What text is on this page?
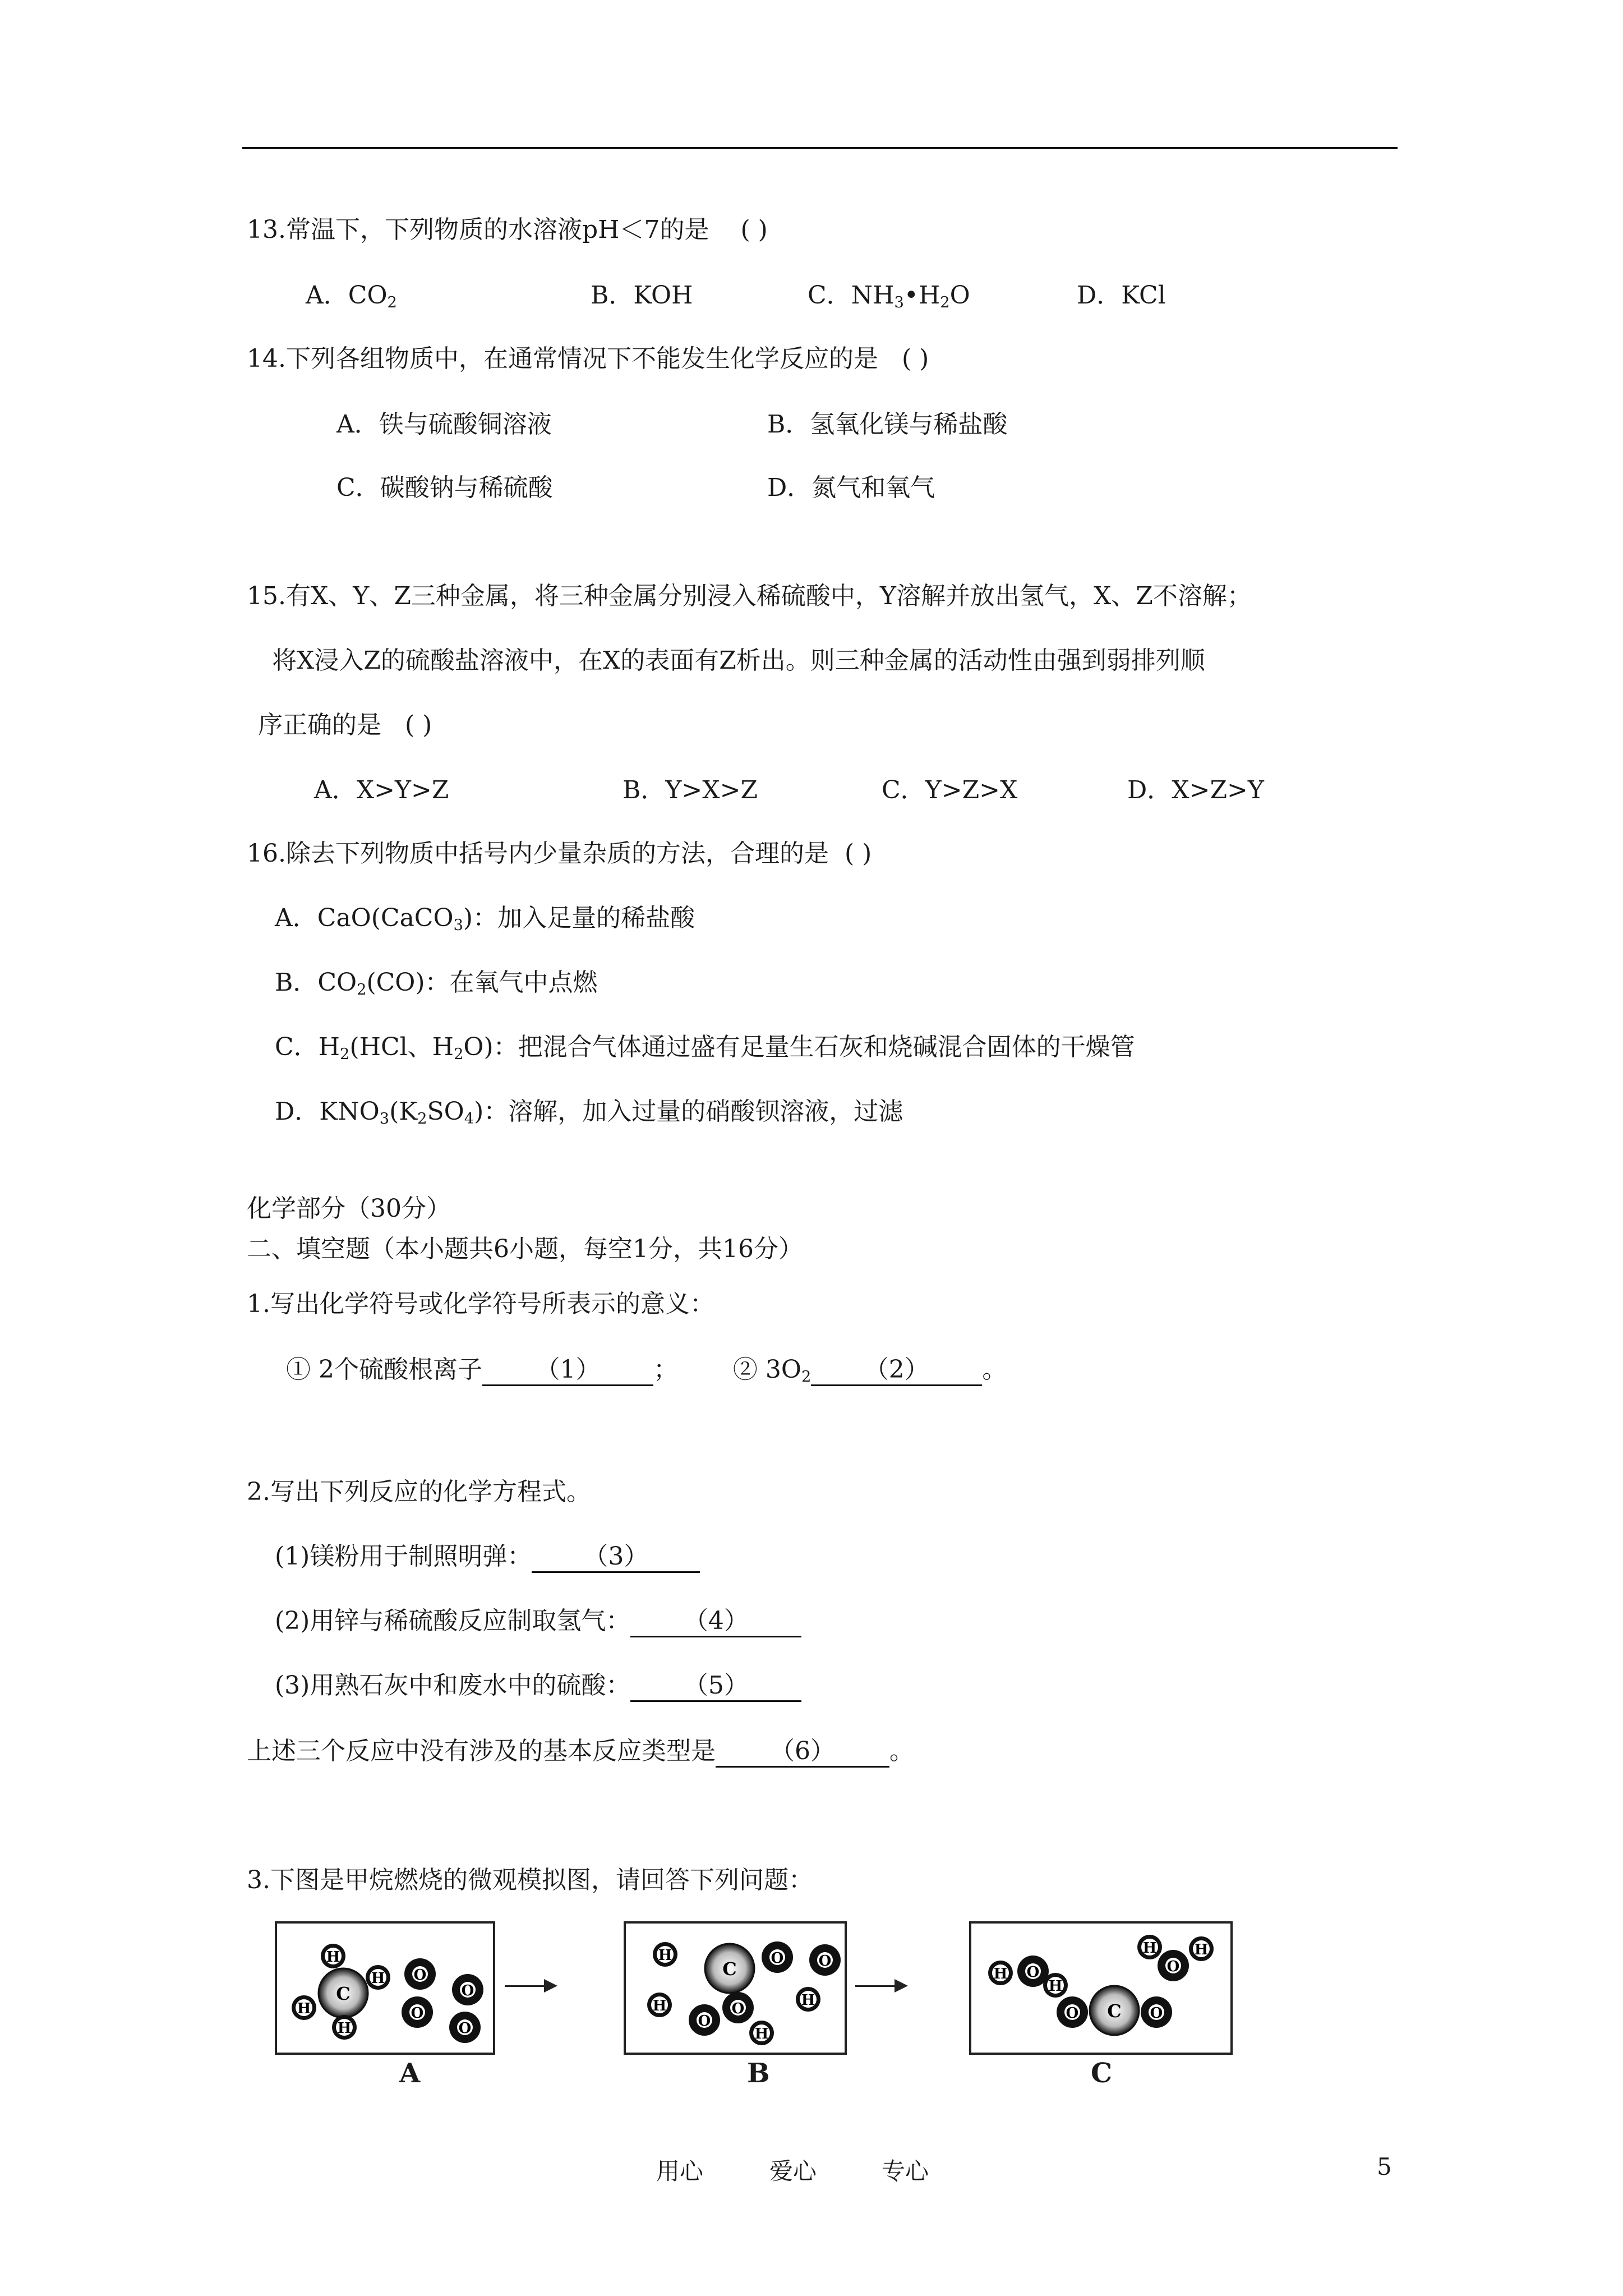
13.常温下，下列物质的水溶液pH＜7的是 ( )
A．$CO_2$	B．KOH	C．$NH_3•H_2O$	D．KCl
14.下列各组物质中，在通常情况下不能发生化学反应的是 ( )
A．铁与硫酸铜溶液	B．氢氧化镁与稀盐酸
C．碳酸钠与稀硫酸	D．氮气和氧气
15.有X、Y、Z三种金属，将三种金属分别浸入稀硫酸中，Y溶解并放出氢气，X、Z不溶解；
将X浸入Z的硫酸盐溶液中，在X的表面有Z析出。则三种金属的活动性由强到弱排列顺
序正确的是 ( )
A．X>Y>Z	B．Y>X>Z	C．Y>Z>X	D．X>Z>Y
16.除去下列物质中括号内少量杂质的方法，合理的是 ( )
A．CaO(CaCO$_3$)：加入足量的稀盐酸
B．$CO_2(CO)$：在氧气中点燃
C．$H_2(HCl$、$H_2O$)：把混合气体通过盛有足量生石灰和烧碱混合固体的干燥管
D．$KNO_3(K_2SO_4)$：溶解，加入过量的硝酸钡溶液，过滤
化学部分（30分）
二、填空题（本小题共6小题，每空1分，共16分）
1.写出化学符号或化学符号所表示的意义：
① 2个硫酸根离子 （1） ； ② $3O_2$ （2） 。
2.写出下列反应的化学方程式。
(1)镁粉用于制照明弹： （3）
(2)用锌与稀硫酸反应制取氢气： （4）
(3)用熟石灰中和废水中的硫酸： （5）
上述三个反应中没有涉及的基本反应类型是 （6） 。
3.下图是甲烷燃烧的微观模拟图，请回答下列问题：
C
H
H
H
H
O
O
O
O
C
H
H
H
H
O O
O
O	C
O	O
O
H
H
O
H	H
A	B	C
用心	爱心	专心	5
